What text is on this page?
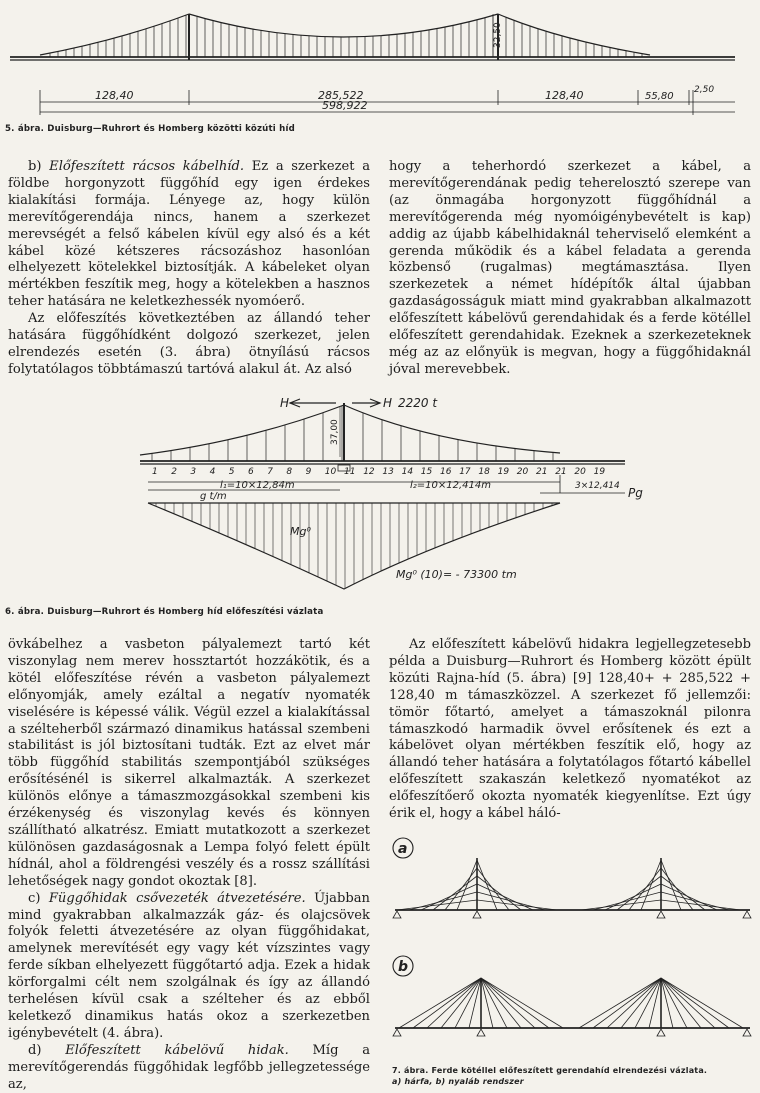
32,50
128,40	285,522	128,40	55,80
2,50
598,922
5. ábra. Duisburg—Ruhrort és Homberg közötti közúti híd

b) Előfeszített rácsos kábelhíd. Ez a szerkezet a földbe horgonyzott függőhíd egy igen érdekes kialakítási formája. Lényege az, hogy külön merevítőgerendája nincs, hanem a szerkezet merevségét a felső kábelen kívül egy alsó és a két kábel közé kétszeres rácsozáshoz hasonlóan elhelyezett kötelekkel biztosítják. A kábeleket olyan mértékben feszítik meg, hogy a kötelekben a hasznos teher hatására ne keletkezhessék nyomóerő.

Az előfeszítés következtében az állandó teher hatására függőhídként dolgozó szerkezet, jelen elrendezés esetén (3. ábra) ötnyílású rácsos folytatólagos többtámaszú tartóvá alakul át. Az alsó

hogy a teherhordó szerkezet a kábel, a merevítőgerendának pedig teherelosztó szerepe van (az önmagába horgonyzott függőhídnál a merevítőgerenda még nyomóigénybevételt is kap) addig az újabb kábelhidaknál teherviselő elemként a gerenda működik és a kábel feladata a gerenda közbenső (rugalmas) megtámasztása. Ilyen szerkezetek a német hídépítők által újabban gazdaságosságuk miatt mind gyakrabban alkalmazott előfeszített kábelövű gerendahidak és a ferde kötéllel előfeszített gerendahidak. Ezeknek a szerkezeteknek még az az előnyük is megvan, hogy a függőhidaknál jóval merevebbek.

H	H 2220 t
37,00
1 2 3 4 5 6 7 8 9 10 11 12 13 14 15 16 17 18 19 20 21 21 20 19
l₁=10×12,84m	l₂=10×12,414m	3×12,414
g t/m	Pg
Mg⁰
Mg⁰ (10)= - 73300 tm
6. ábra. Duisburg—Ruhrort és Homberg híd előfeszítési vázlata

övkábelhez a vasbeton pályalemezt tartó két viszonylag nem merev hossztartót hozzákötik, és a kötél előfeszítése révén a vasbeton pályalemezt előnyomják, amely ezáltal a negatív nyomaték viselésére is képessé válik. Végül ezzel a kialakítással a szélteherből származó dinamikus hatással szembeni stabilitást is jól biztosítani tudták. Ezt az elvet már több függőhíd stabilitás szempontjából szükséges erősítésénél is sikerrel alkalmazták. A szerkezet különös előnye a támaszmozgásokkal szembeni kis érzékenység és viszonylag kevés és könnyen szállítható alkatrész. Emiatt mutatkozott a szerkezet különösen gazdaságosnak a Lempa folyó felett épült hídnál, ahol a földrengési veszély és a rossz szállítási lehetőségek nagy gondot okoztak [8].

c) Függőhidak csővezeték átvezetésére. Újabban mind gyakrabban alkalmazzák gáz- és olajcsövek folyók feletti átvezetésére az olyan függőhidakat, amelynek merevítését egy vagy két vízszintes vagy ferde síkban elhelyezett függőtartó adja. Ezek a hidak körforgalmi célt nem szolgálnak és így az állandó terhelésen kívül csak a szélteher és az ebből keletkező dinamikus hatás okoz a szerkezetben igénybevételt (4. ábra).

d) Előfeszített kábelövű hidak. Míg a merevítőgerendás függőhidak legfőbb jellegzetessége az,

Az előfeszített kábelövű hidakra legjellegzetesebb példa a Duisburg—Ruhrort és Homberg között épült közúti Rajna-híd (5. ábra) [9] 128,40+ + 285,522 + 128,40 m támaszközzel. A szerkezet fő jellemzői: tömör főtartó, amelyet a támaszoknál pilonra támaszkodó harmadik övvel erősítenek és ezt a kábelövet olyan mértékben feszítik elő, hogy az állandó teher hatására a folytatólagos főtartó kábellel előfeszített szakaszán keletkező nyomatékot az előfeszítőerő okozta nyomaték kiegyenlítse. Ezt úgy érik el, hogy a kábel háló-

a
b
7. ábra. Ferde kötéllel előfeszített gerendahíd elrendezési vázlata.
a) hárfa, b) nyaláb rendszer
